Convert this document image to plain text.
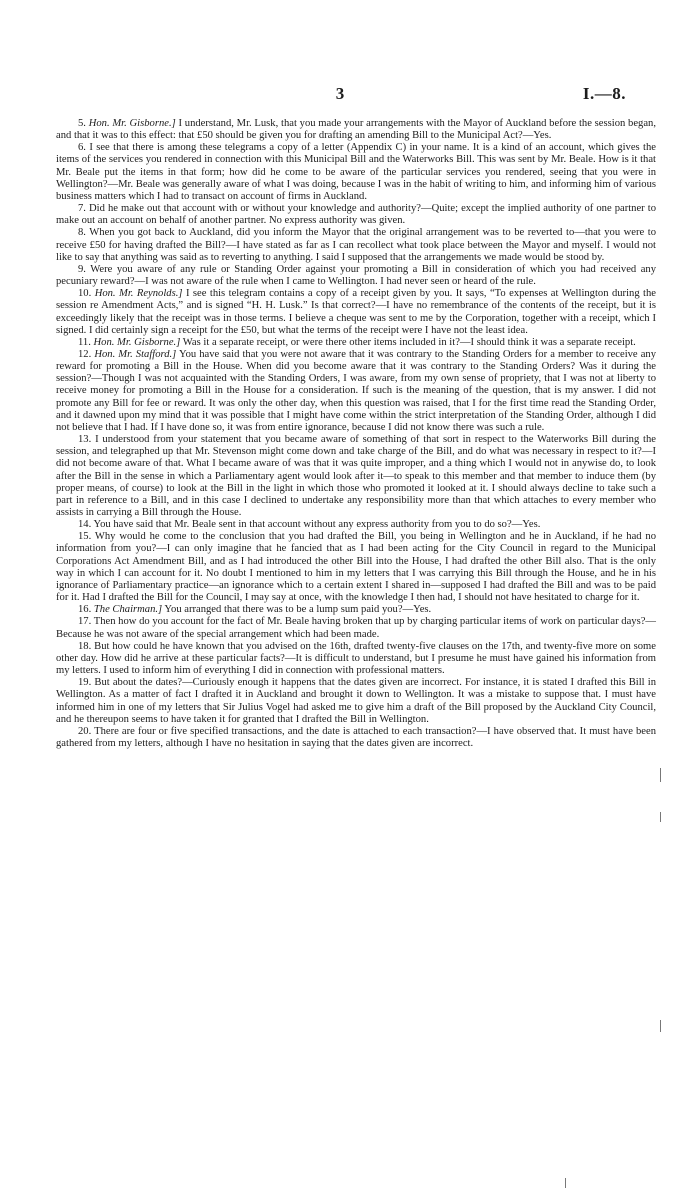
3	I.—8.

5. Hon. Mr. Gisborne.] I understand, Mr. Lusk, that you made your arrangements with the Mayor of Auckland before the session began, and that it was to this effect: that £50 should be given you for drafting an amending Bill to the Municipal Act?—Yes.

6. I see that there is among these telegrams a copy of a letter (Appendix C) in your name. It is a kind of an account, which gives the items of the services you rendered in connection with this Municipal Bill and the Waterworks Bill. This was sent by Mr. Beale. How is it that Mr. Beale put the items in that form; how did he come to be aware of the particular services you rendered, seeing that you were in Wellington?—Mr. Beale was generally aware of what I was doing, because I was in the habit of writing to him, and informing him of various business matters which I had to transact on account of firms in Auckland.

7. Did he make out that account with or without your knowledge and authority?—Quite; except the implied authority of one partner to make out an account on behalf of another partner. No express authority was given.

8. When you got back to Auckland, did you inform the Mayor that the original arrangement was to be reverted to—that you were to receive £50 for having drafted the Bill?—I have stated as far as I can recollect what took place between the Mayor and myself. I would not like to say that anything was said as to reverting to anything. I said I supposed that the arrangements we made would be stood by.

9. Were you aware of any rule or Standing Order against your promoting a Bill in consideration of which you had received any pecuniary reward?—I was not aware of the rule when I came to Wellington. I had never seen or heard of the rule.

10. Hon. Mr. Reynolds.] I see this telegram contains a copy of a receipt given by you. It says, “To expenses at Wellington during the session re Amendment Acts,” and is signed “H. H. Lusk.” Is that correct?—I have no remembrance of the contents of the receipt, but it is exceedingly likely that the receipt was in those terms. I believe a cheque was sent to me by the Corporation, together with a receipt, which I signed. I did certainly sign a receipt for the £50, but what the terms of the receipt were I have not the least idea.

11. Hon. Mr. Gisborne.] Was it a separate receipt, or were there other items included in it?—I should think it was a separate receipt.

12. Hon. Mr. Stafford.] You have said that you were not aware that it was contrary to the Standing Orders for a member to receive any reward for promoting a Bill in the House. When did you become aware that it was contrary to the Standing Orders? Was it during the session?—Though I was not acquainted with the Standing Orders, I was aware, from my own sense of propriety, that I was not at liberty to receive money for promoting a Bill in the House for a consideration. If such is the meaning of the question, that is my answer. I did not promote any Bill for fee or reward. It was only the other day, when this question was raised, that I for the first time read the Standing Order, and it dawned upon my mind that it was possible that I might have come within the strict interpretation of the Standing Order, although I did not believe that I had. If I have done so, it was from entire ignorance, because I did not know there was such a rule.

13. I understood from your statement that you became aware of something of that sort in respect to the Waterworks Bill during the session, and telegraphed up that Mr. Stevenson might come down and take charge of the Bill, and do what was necessary in respect to it?—I did not become aware of that. What I became aware of was that it was quite improper, and a thing which I would not in anywise do, to look after the Bill in the sense in which a Parliamentary agent would look after it—to speak to this member and that member to induce them (by proper means, of course) to look at the Bill in the light in which those who promoted it looked at it. I should always decline to take such a part in reference to a Bill, and in this case I declined to undertake any responsibility more than that which attaches to every member who assists in carrying a Bill through the House.

14. You have said that Mr. Beale sent in that account without any express authority from you to do so?—Yes.

15. Why would he come to the conclusion that you had drafted the Bill, you being in Wellington and he in Auckland, if he had no information from you?—I can only imagine that he fancied that as I had been acting for the City Council in regard to the Municipal Corporations Act Amendment Bill, and as I had introduced the other Bill into the House, I had drafted the other Bill also. That is the only way in which I can account for it. No doubt I mentioned to him in my letters that I was carrying this Bill through the House, and he in his ignorance of Parliamentary practice—an ignorance which to a certain extent I shared in—supposed I had drafted the Bill and was to be paid for it. Had I drafted the Bill for the Council, I may say at once, with the knowledge I then had, I should not have hesitated to charge for it.

16. The Chairman.] You arranged that there was to be a lump sum paid you?—Yes.

17. Then how do you account for the fact of Mr. Beale having broken that up by charging particular items of work on particular days?—Because he was not aware of the special arrangement which had been made.

18. But how could he have known that you advised on the 16th, drafted twenty-five clauses on the 17th, and twenty-five more on some other day. How did he arrive at these particular facts?—It is difficult to understand, but I presume he must have gained his information from my letters. I used to inform him of everything I did in connection with professional matters.

19. But about the dates?—Curiously enough it happens that the dates given are incorrect. For instance, it is stated I drafted this Bill in Wellington. As a matter of fact I drafted it in Auckland and brought it down to Wellington. It was a mistake to suppose that. I must have informed him in one of my letters that Sir Julius Vogel had asked me to give him a draft of the Bill proposed by the Auckland City Council, and he thereupon seems to have taken it for granted that I drafted the Bill in Wellington.

20. There are four or five specified transactions, and the date is attached to each transaction?—I have observed that. It must have been gathered from my letters, although I have no hesitation in saying that the dates given are incorrect.
